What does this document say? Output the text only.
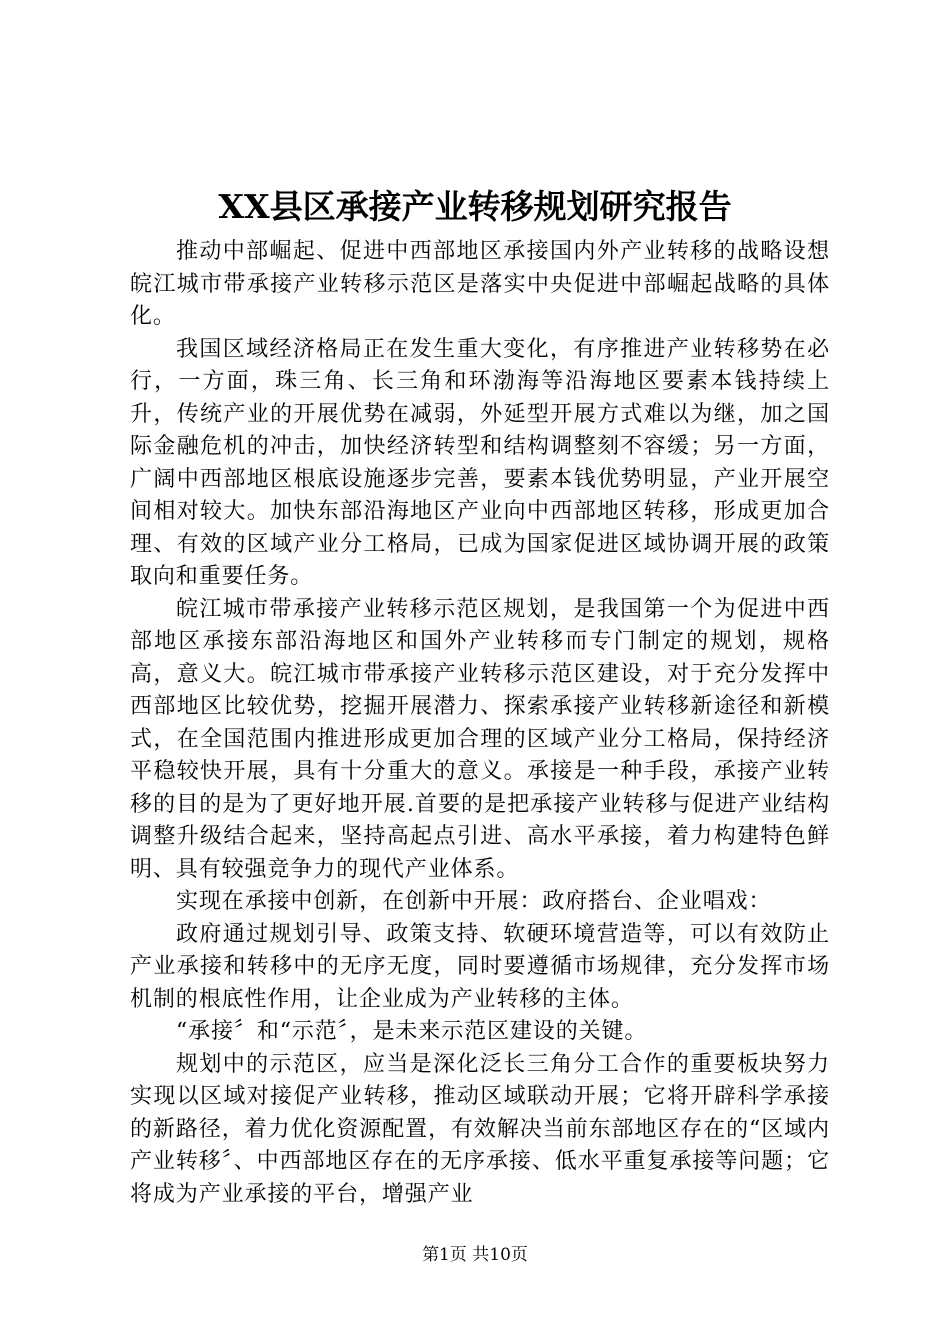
XX县区承接产业转移规划研究报告

推动中部崛起、促进中西部地区承接国内外产业转移的战略设想皖江城市带承接产业转移示范区是落实中央促进中部崛起战略的具体化。

我国区域经济格局正在发生重大变化，有序推进产业转移势在必行，一方面，珠三角、长三角和环渤海等沿海地区要素本钱持续上升，传统产业的开展优势在减弱，外延型开展方式难以为继，加之国际金融危机的冲击，加快经济转型和结构调整刻不容缓；另一方面，广阔中西部地区根底设施逐步完善，要素本钱优势明显，产业开展空间相对较大。加快东部沿海地区产业向中西部地区转移，形成更加合理、有效的区域产业分工格局，已成为国家促进区域协调开展的政策取向和重要任务。

皖江城市带承接产业转移示范区规划，是我国第一个为促进中西部地区承接东部沿海地区和国外产业转移而专门制定的规划，规格高，意义大。皖江城市带承接产业转移示范区建设，对于充分发挥中西部地区比较优势，挖掘开展潜力、探索承接产业转移新途径和新模式，在全国范围内推进形成更加合理的区域产业分工格局，保持经济平稳较快开展，具有十分重大的意义。承接是一种手段，承接产业转移的目的是为了更好地开展.首要的是把承接产业转移与促进产业结构调整升级结合起来，坚持高起点引进、高水平承接，着力构建特色鲜明、具有较强竞争力的现代产业体系。

实现在承接中创新，在创新中开展：政府搭台、企业唱戏：

政府通过规划引导、政策支持、软硬环境营造等，可以有效防止产业承接和转移中的无序无度，同时要遵循市场规律，充分发挥市场机制的根底性作用，让企业成为产业转移的主体。

“承接〞和“示范〞，是未来示范区建设的关键。

规划中的示范区，应当是深化泛长三角分工合作的重要板块努力实现以区域对接促产业转移，推动区域联动开展；它将开辟科学承接的新路径，着力优化资源配置，有效解决当前东部地区存在的“区域内产业转移〞、中西部地区存在的无序承接、低水平重复承接等问题；它将成为产业承接的平台，增强产业

第1页 共10页
